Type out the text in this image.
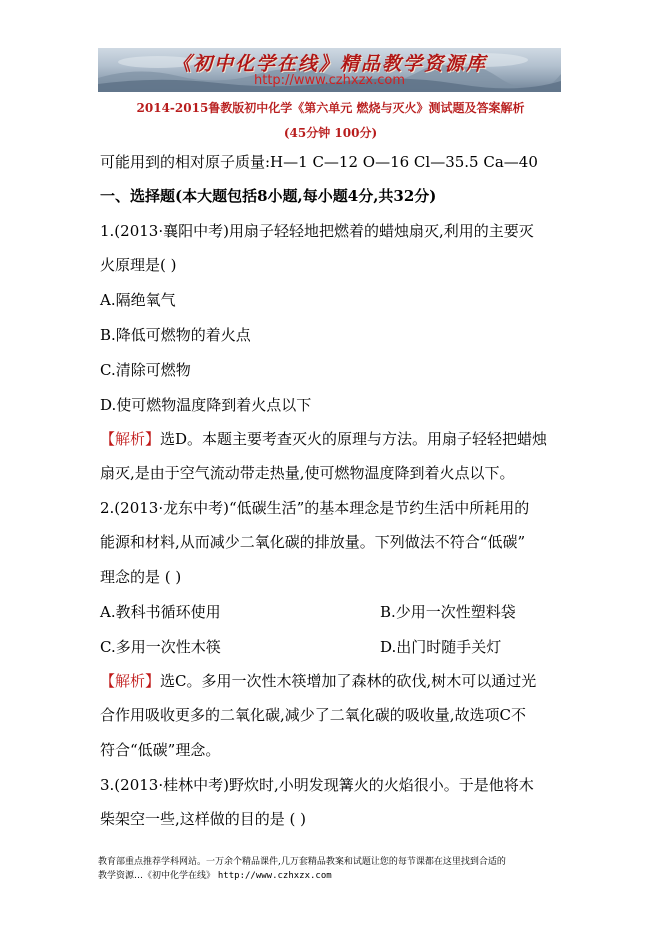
《初中化学在线》精品教学资源库
http://www.czhxzx.com
2014-2015鲁教版初中化学《第六单元 燃烧与灭火》测试题及答案解析
(45分钟 100分)
可能用到的相对原子质量:H—1 C—12 O—16 Cl—35.5 Ca—40
一、选择题(本大题包括8小题,每小题4分,共32分)
1.(2013·襄阳中考)用扇子轻轻地把燃着的蜡烛扇灭,利用的主要灭
火原理是( )
A.隔绝氧气
B.降低可燃物的着火点
C.清除可燃物
D.使可燃物温度降到着火点以下
【解析】选D。本题主要考查灭火的原理与方法。用扇子轻轻把蜡烛
扇灭,是由于空气流动带走热量,使可燃物温度降到着火点以下。
2.(2013·龙东中考)“低碳生活”的基本理念是节约生活中所耗用的
能源和材料,从而减少二氧化碳的排放量。下列做法不符合“低碳”
理念的是 ( )
A.教科书循环使用	B.少用一次性塑料袋
C.多用一次性木筷	D.出门时随手关灯
【解析】选C。多用一次性木筷增加了森林的砍伐,树木可以通过光
合作用吸收更多的二氧化碳,减少了二氧化碳的吸收量,故选项C不
符合“低碳”理念。
3.(2013·桂林中考)野炊时,小明发现篝火的火焰很小。于是他将木
柴架空一些,这样做的目的是 ( )
教育部重点推荐学科网站。一万余个精品课件,几万套精品教案和试题让您的每节课都在这里找到合适的
教学资源…《初中化学在线》 http://www.czhxzx.com
